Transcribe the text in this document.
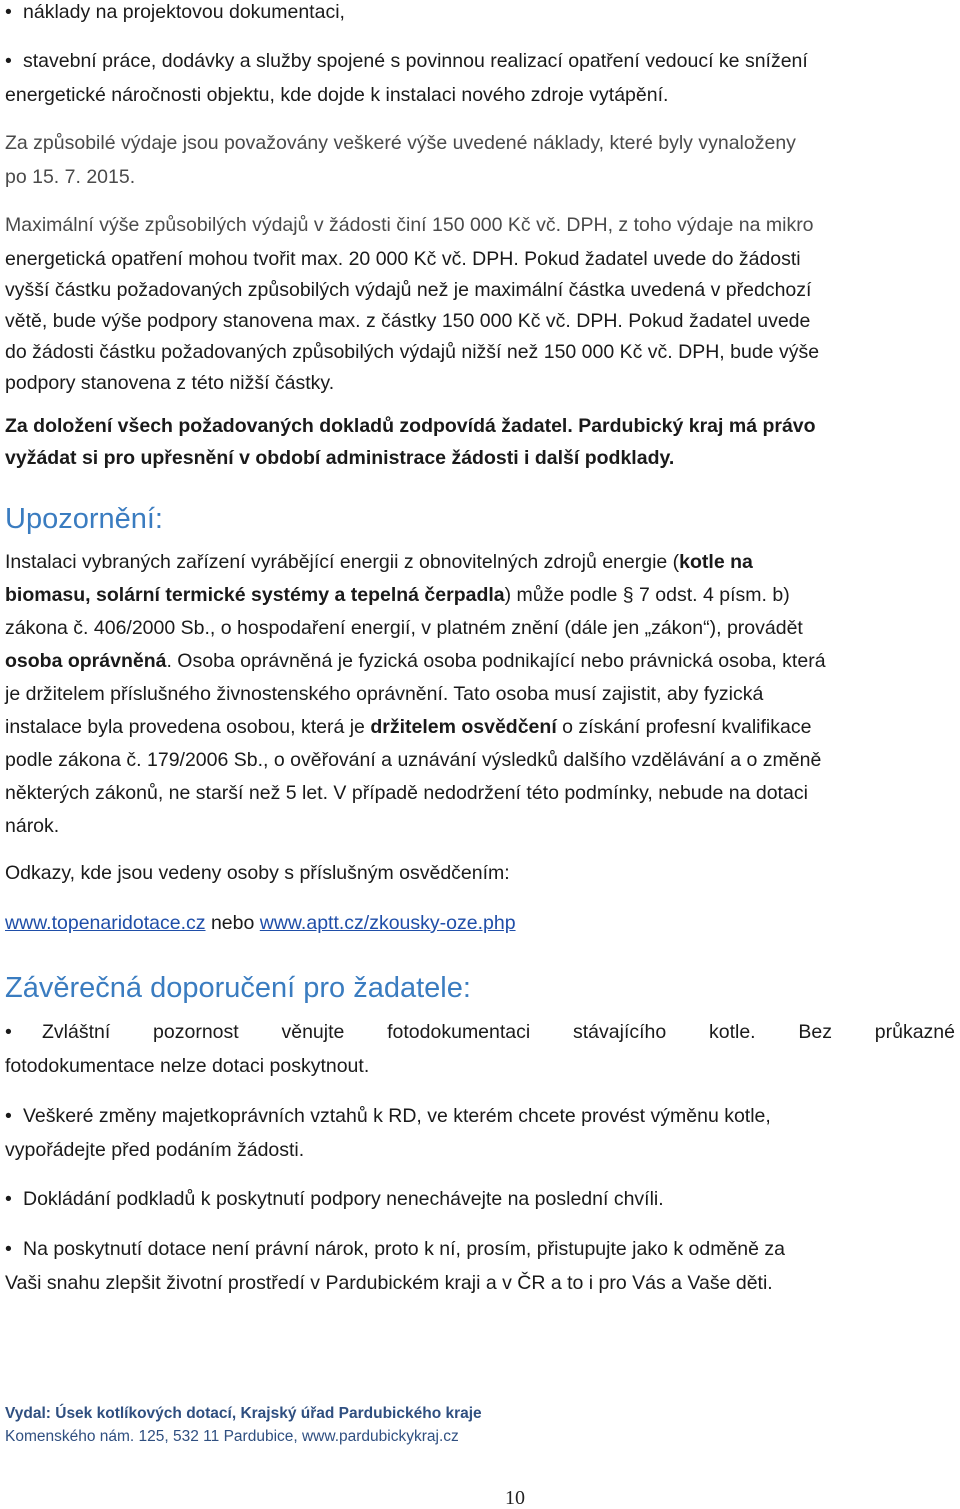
• náklady na projektovou dokumentaci,
• stavební práce, dodávky a služby spojené s povinnou realizací opatření vedoucí ke snížení
energetické náročnosti objektu, kde dojde k instalaci nového zdroje vytápění.
Za způsobilé výdaje jsou považovány veškeré výše uvedené náklady, které byly vynaloženy
po 15. 7. 2015.
Maximální výše způsobilých výdajů v žádosti činí 150 000 Kč vč. DPH, z toho výdaje na mikro
energetická opatření mohou tvořit max. 20 000 Kč vč. DPH. Pokud žadatel uvede do žádosti
vyšší částku požadovaných způsobilých výdajů než je maximální částka uvedená v předchozí
větě, bude výše podpory stanovena max. z částky 150 000 Kč vč. DPH. Pokud žadatel uvede
do žádosti částku požadovaných způsobilých výdajů nižší než 150 000 Kč vč. DPH, bude výše
podpory stanovena z této nižší částky.
Za doložení všech požadovaných dokladů zodpovídá žadatel. Pardubický kraj má právo
vyžádat si pro upřesnění v období administrace žádosti i další podklady.
Upozornění:
Instalaci vybraných zařízení vyrábějící energii z obnovitelných zdrojů energie (kotle na
biomasu, solární termické systémy a tepelná čerpadla) může podle § 7 odst. 4 písm. b)
zákona č. 406/2000 Sb., o hospodaření energií, v platném znění (dále jen „zákon“), provádět
osoba oprávněná. Osoba oprávněná je fyzická osoba podnikající nebo právnická osoba, která
je držitelem příslušného živnostenského oprávnění. Tato osoba musí zajistit, aby fyzická
instalace byla provedena osobou, která je držitelem osvědčení o získání profesní kvalifikace
podle zákona č. 179/2006 Sb., o ověřování a uznávání výsledků dalšího vzdělávání a o změně
některých zákonů, ne starší než 5 let. V případě nedodržení této podmínky, nebude na dotaci
nárok.
Odkazy, kde jsou vedeny osoby s příslušným osvědčením:
www.topenaridotace.cz nebo www.aptt.cz/zkousky-oze.php
Závěrečná doporučení pro žadatele:
•	Zvláštní pozornost věnujte fotodokumentaci stávajícího kotle. Bez průkazné
fotodokumentace nelze dotaci poskytnout.
• Veškeré změny majetkoprávních vztahů k RD, ve kterém chcete provést výměnu kotle,
vypořádejte před podáním žádosti.
• Dokládání podkladů k poskytnutí podpory nenechávejte na poslední chvíli.
• Na poskytnutí dotace není právní nárok, proto k ní, prosím, přistupujte jako k odměně za
Vaši snahu zlepšit životní prostředí v Pardubickém kraji a v ČR a to i pro Vás a Vaše děti.
Vydal: Úsek kotlíkových dotací, Krajský úřad Pardubického kraje
Komenského nám. 125, 532 11 Pardubice, www.pardubickykraj.cz
10
